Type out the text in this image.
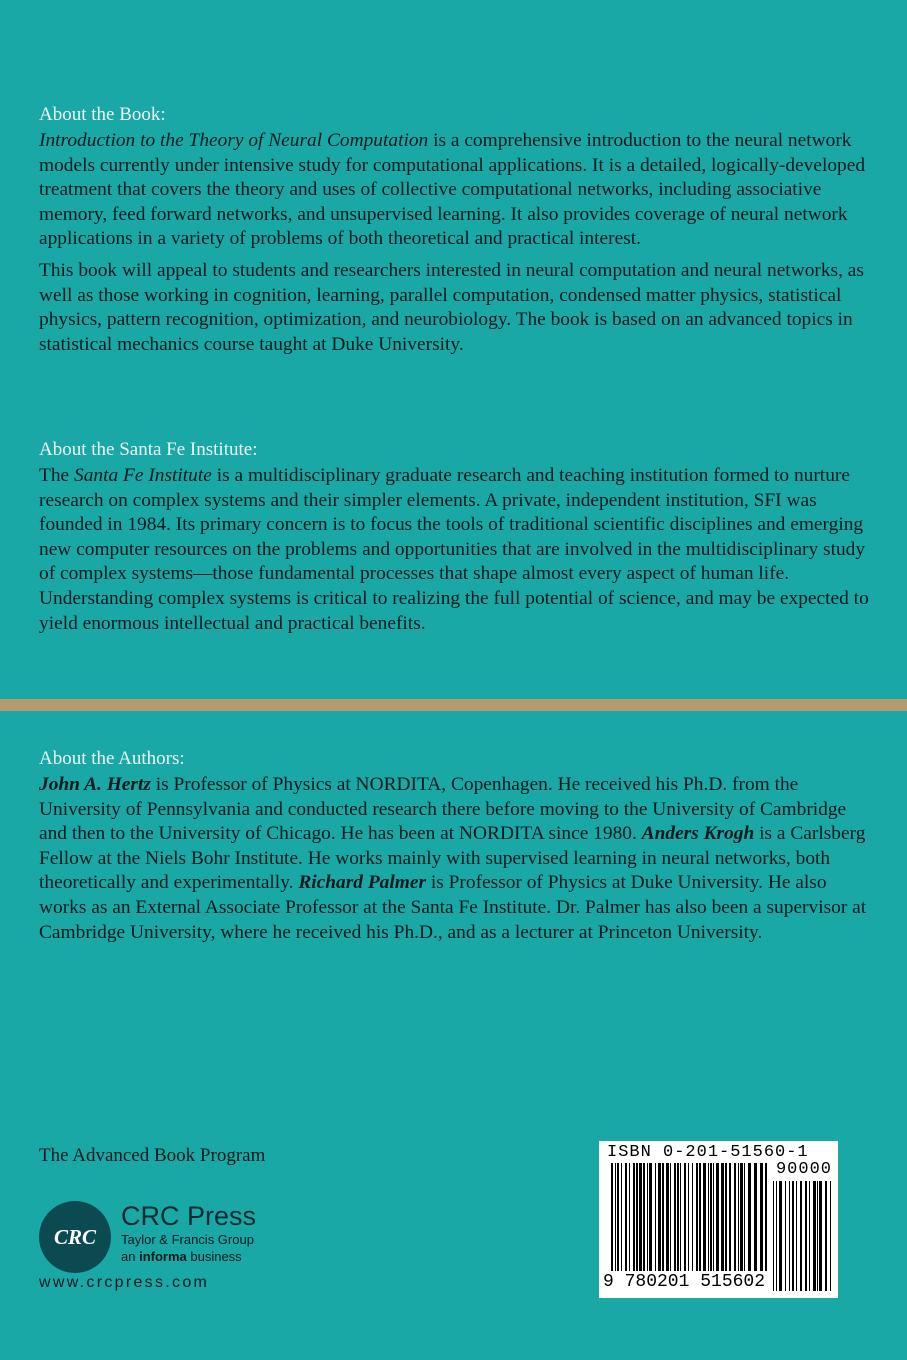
About the Book:

Introduction to the Theory of Neural Computation is a comprehensive introduction to the neural network models currently under intensive study for computational applications. It is a detailed, logically-developed treatment that covers the theory and uses of collective computational networks, including associative memory, feed forward networks, and unsupervised learning. It also provides coverage of neural network applications in a variety of problems of both theoretical and practical interest.

This book will appeal to students and researchers interested in neural computation and neural networks, as well as those working in cognition, learning, parallel computation, condensed matter physics, statistical physics, pattern recognition, optimization, and neurobiology. The book is based on an advanced topics in statistical mechanics course taught at Duke University.

About the Santa Fe Institute:

The Santa Fe Institute is a multidisciplinary graduate research and teaching institution formed to nurture research on complex systems and their simpler elements. A private, independent institution, SFI was founded in 1984. Its primary concern is to focus the tools of traditional scientific disciplines and emerging new computer resources on the problems and opportunities that are involved in the multidisciplinary study of complex systems—those fundamental processes that shape almost every aspect of human life. Understanding complex systems is critical to realizing the full potential of science, and may be expected to yield enormous intellectual and practical benefits.

About the Authors:

John A. Hertz is Professor of Physics at NORDITA, Copenhagen. He received his Ph.D. from the University of Pennsylvania and conducted research there before moving to the University of Cambridge and then to the University of Chicago. He has been at NORDITA since 1980. Anders Krogh is a Carlsberg Fellow at the Niels Bohr Institute. He works mainly with supervised learning in neural networks, both theoretically and experimentally. Richard Palmer is Professor of Physics at Duke University. He also works as an External Associate Professor at the Santa Fe Institute. Dr. Palmer has also been a supervisor at Cambridge University, where he received his Ph.D., and as a lecturer at Princeton University.

The Advanced Book Program
CRC
CRC Press
Taylor & Francis Group
an informa business
www.crcpress.com
ISBN 0-201-51560-1
90000
9 780201 515602
